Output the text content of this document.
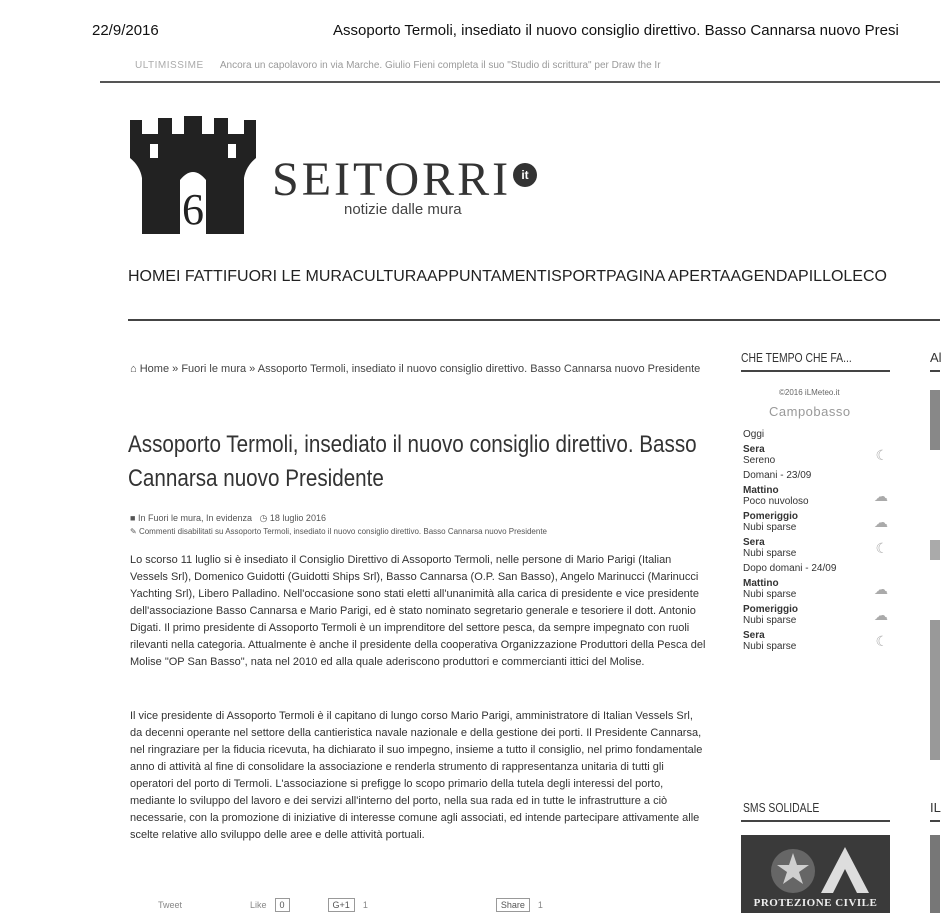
22/9/2016	Assoporto Termoli, insediato il nuovo consiglio direttivo. Basso Cannarsa nuovo Presi
ULTIMISSIME Ancora un capolavoro in via Marche. Giulio Fieni completa il suo "Studio di scrittura" per Draw the Ir
6
SEITORRI it
notizie dalle mura
HOME I FATTI FUORI LE MURA CULTURA APPUNTAMENTI SPORT PAGINA APERTA AGENDA PILLOLE CO
⌂ Home » Fuori le mura » Assoporto Termoli, insediato il nuovo consiglio direttivo. Basso Cannarsa nuovo Presidente
Assoporto Termoli, insediato il nuovo consiglio direttivo. Basso Cannarsa nuovo Presidente
■ In Fuori le mura, In evidenza ◷ 18 luglio 2016
✎ Commenti disabilitati su Assoporto Termoli, insediato il nuovo consiglio direttivo. Basso Cannarsa nuovo Presidente
Lo scorso 11 luglio si è insediato il Consiglio Direttivo di Assoporto Termoli, nelle persone di Mario Parigi (Italian Vessels Srl), Domenico Guidotti (Guidotti Ships Srl), Basso Cannarsa (O.P. San Basso), Angelo Marinucci (Marinucci Yachting Srl), Libero Palladino. Nell'occasione sono stati eletti all'unanimità alla carica di presidente e vice presidente dell'associazione Basso Cannarsa e Mario Parigi, ed è stato nominato segretario generale e tesoriere il dott. Antonio Digati. Il primo presidente di Assoporto Termoli è un imprenditore del settore pesca, da sempre impegnato con ruoli rilevanti nella categoria. Attualmente è anche il presidente della cooperativa Organizzazione Produttori della Pesca del Molise "OP San Basso", nata nel 2010 ed alla quale aderiscono produttori e commercianti ittici del Molise.
Il vice presidente di Assoporto Termoli è il capitano di lungo corso Mario Parigi, amministratore di Italian Vessels Srl, da decenni operante nel settore della cantieristica navale nazionale e della gestione dei porti. Il Presidente Cannarsa, nel ringraziare per la fiducia ricevuta, ha dichiarato il suo impegno, insieme a tutto il consiglio, nel primo fondamentale anno di attività al fine di consolidare la associazione e renderla strumento di rappresentanza unitaria di tutti gli operatori del porto di Termoli. L'associazione si prefigge lo scopo primario della tutela degli interessi del porto, mediante lo sviluppo del lavoro e dei servizi all'interno del porto, nella sua rada ed in tutte le infrastrutture a ciò necessarie, con la promozione di iniziative di interesse comune agli associati, ed intende partecipare attivamente alle scelte relative allo sviluppo delle aree e delle attività portuali.
Tweet	Like	0	G+1	1	Share	1
CHE TEMPO CHE FA...
©2016 iLMeteo.it
Campobasso
Oggi
Sera
Sereno	☾
Domani - 23/09
Mattino
Poco nuvoloso	☁
Pomeriggio
Nubi sparse	☁
Sera
Nubi sparse	☾
Dopo domani - 24/09
Mattino
Nubi sparse	☁
Pomeriggio
Nubi sparse	☁
Sera
Nubi sparse	☾
Al
SMS SOLIDALE
PROTEZIONE CIVILE
IL
